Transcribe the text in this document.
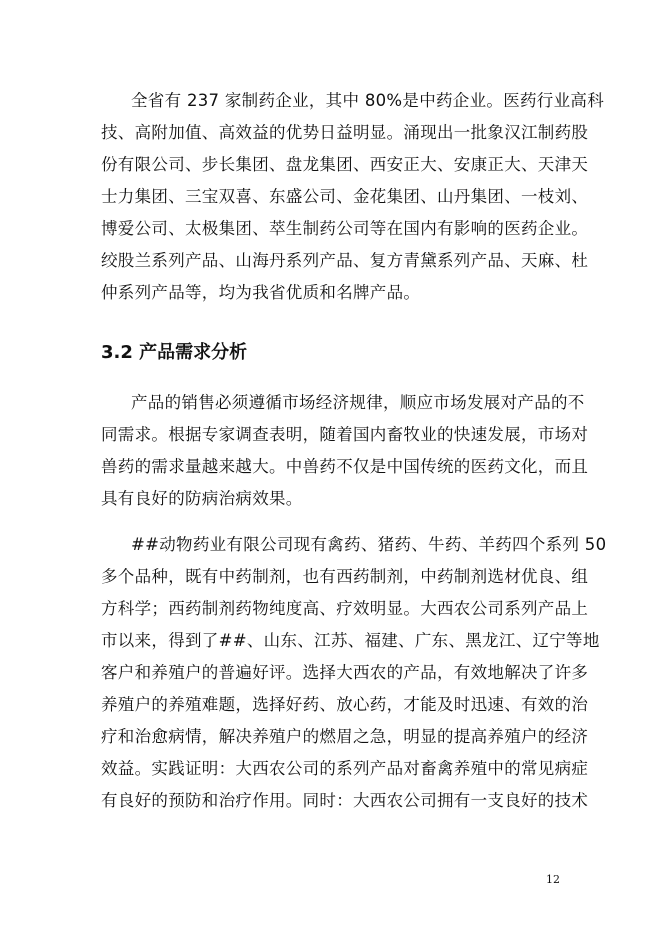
全省有 237 家制药企业，其中 80%是中药企业。医药行业高科
技、高附加值、高效益的优势日益明显。涌现出一批象汉江制药股
份有限公司、步长集团、盘龙集团、西安正大、安康正大、天津天
士力集团、三宝双喜、东盛公司、金花集团、山丹集团、一枝刘、
博爱公司、太极集团、萃生制药公司等在国内有影响的医药企业。
绞股兰系列产品、山海丹系列产品、复方青黛系列产品、天麻、杜
仲系列产品等，均为我省优质和名牌产品。
3.2 产品需求分析
产品的销售必须遵循市场经济规律，顺应市场发展对产品的不
同需求。根据专家调查表明，随着国内畜牧业的快速发展，市场对
兽药的需求量越来越大。中兽药不仅是中国传统的医药文化，而且
具有良好的防病治病效果。
##动物药业有限公司现有禽药、猪药、牛药、羊药四个系列 50
多个品种，既有中药制剂，也有西药制剂，中药制剂选材优良、组
方科学；西药制剂药物纯度高、疗效明显。大西农公司系列产品上
市以来，得到了##、山东、江苏、福建、广东、黑龙江、辽宁等地
客户和养殖户的普遍好评。选择大西农的产品，有效地解决了许多
养殖户的养殖难题，选择好药、放心药，才能及时迅速、有效的治
疗和治愈病情，解决养殖户的燃眉之急，明显的提高养殖户的经济
效益。实践证明：大西农公司的系列产品对畜禽养殖中的常见病症
有良好的预防和治疗作用。同时：大西农公司拥有一支良好的技术
12
